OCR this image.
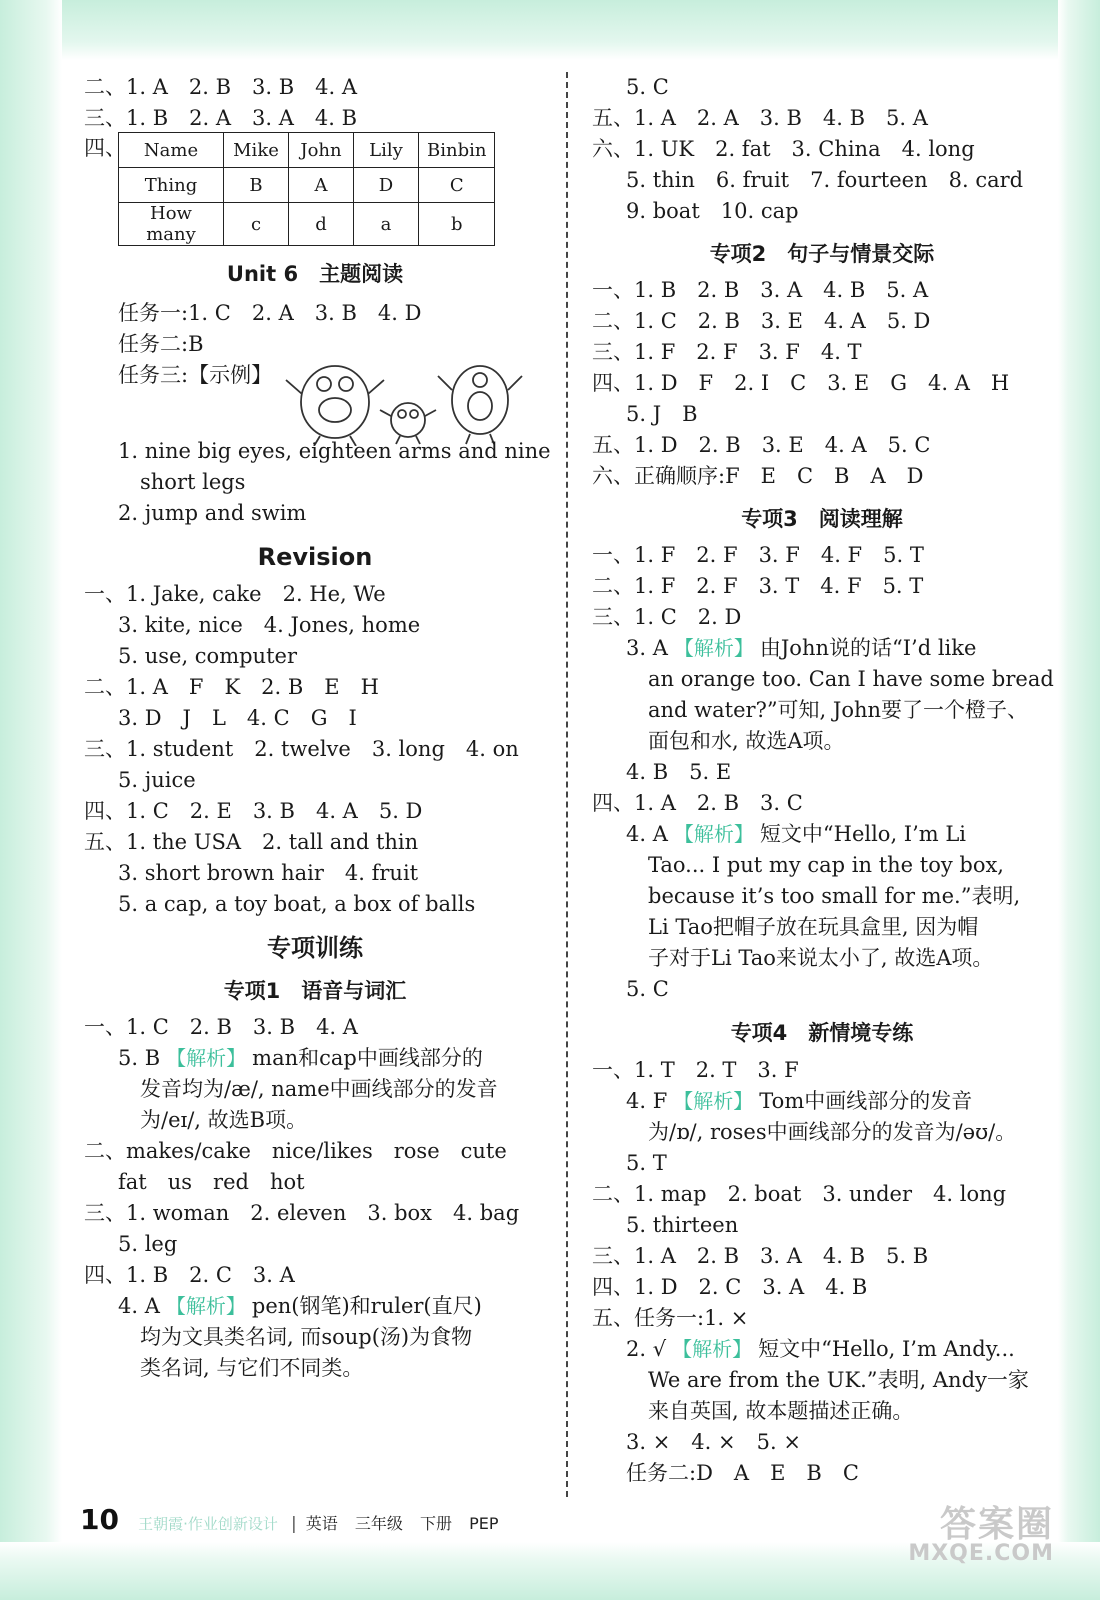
二、1. A　2. B　3. B　4. A
三、1. B　2. A　3. A　4. B
四、 Name	Mike	John	Lily	Binbin
Thing	B	A	D	C
How many	c	d	a	b
Unit 6　主题阅读
任务一:1. C　2. A　3. B　4. D
任务二:B
任务三:【示例】
1. nine big eyes, eighteen arms and nine
short legs
2. jump and swim
Revision
一、1. Jake, cake　2. He, We
3. kite, nice　4. Jones, home
5. use, computer
二、1. A　F　K　2. B　E　H
3. D　J　L　4. C　G　I
三、1. student　2. twelve　3. long　4. on
5. juice
四、1. C　2. E　3. B　4. A　5. D
五、1. the USA　2. tall and thin
3. short brown hair　4. fruit
5. a cap, a toy boat, a box of balls
专项训练
专项1　语音与词汇
一、1. C　2. B　3. B　4. A
5. B 【解析】 man和cap中画线部分的
发音均为/æ/, name中画线部分的发音
为/eɪ/, 故选B项。
二、makes/cake　nice/likes　rose　cute
fat　us　red　hot
三、1. woman　2. eleven　3. box　4. bag
5. leg
四、1. B　2. C　3. A
4. A 【解析】 pen(钢笔)和ruler(直尺)
均为文具类名词, 而soup(汤)为食物
类名词, 与它们不同类。
5. C
五、1. A　2. A　3. B　4. B　5. A
六、1. UK　2. fat　3. China　4. long
5. thin　6. fruit　7. fourteen　8. card
9. boat　10. cap
专项2　句子与情景交际
一、1. B　2. B　3. A　4. B　5. A
二、1. C　2. B　3. E　4. A　5. D
三、1. F　2. F　3. F　4. T
四、1. D　F　2. I　C　3. E　G　4. A　H
5. J　B
五、1. D　2. B　3. E　4. A　5. C
六、正确顺序:F　E　C　B　A　D
专项3　阅读理解
一、1. F　2. F　3. F　4. F　5. T
二、1. F　2. F　3. T　4. F　5. T
三、1. C　2. D
3. A 【解析】 由John说的话“I’d like
an orange too. Can I have some bread
and water?”可知, John要了一个橙子、
面包和水, 故选A项。
4. B　5. E
四、1. A　2. B　3. C
4. A 【解析】 短文中“Hello, I’m Li
Tao... I put my cap in the toy box,
because it’s too small for me.”表明,
Li Tao把帽子放在玩具盒里, 因为帽
子对于Li Tao来说太小了, 故选A项。
5. C
专项4　新情境专练
一、1. T　2. T　3. F
4. F 【解析】 Tom中画线部分的发音
为/ɒ/, roses中画线部分的发音为/əʊ/。
5. T
二、1. map　2. boat　3. under　4. long
5. thirteen
三、1. A　2. B　3. A　4. B　5. B
四、1. D　2. C　3. A　4. B
五、任务一:1. ×
2. √ 【解析】 短文中“Hello, I’m Andy...
We are from the UK.”表明, Andy一家
来自英国, 故本题描述正确。
3. ×　4. ×　5. ×
任务二:D　A　E　B　C
10 王朝霞·作业创新设计 | 英语 三年级 下册 PEP	答案圈
MXQE.COM
